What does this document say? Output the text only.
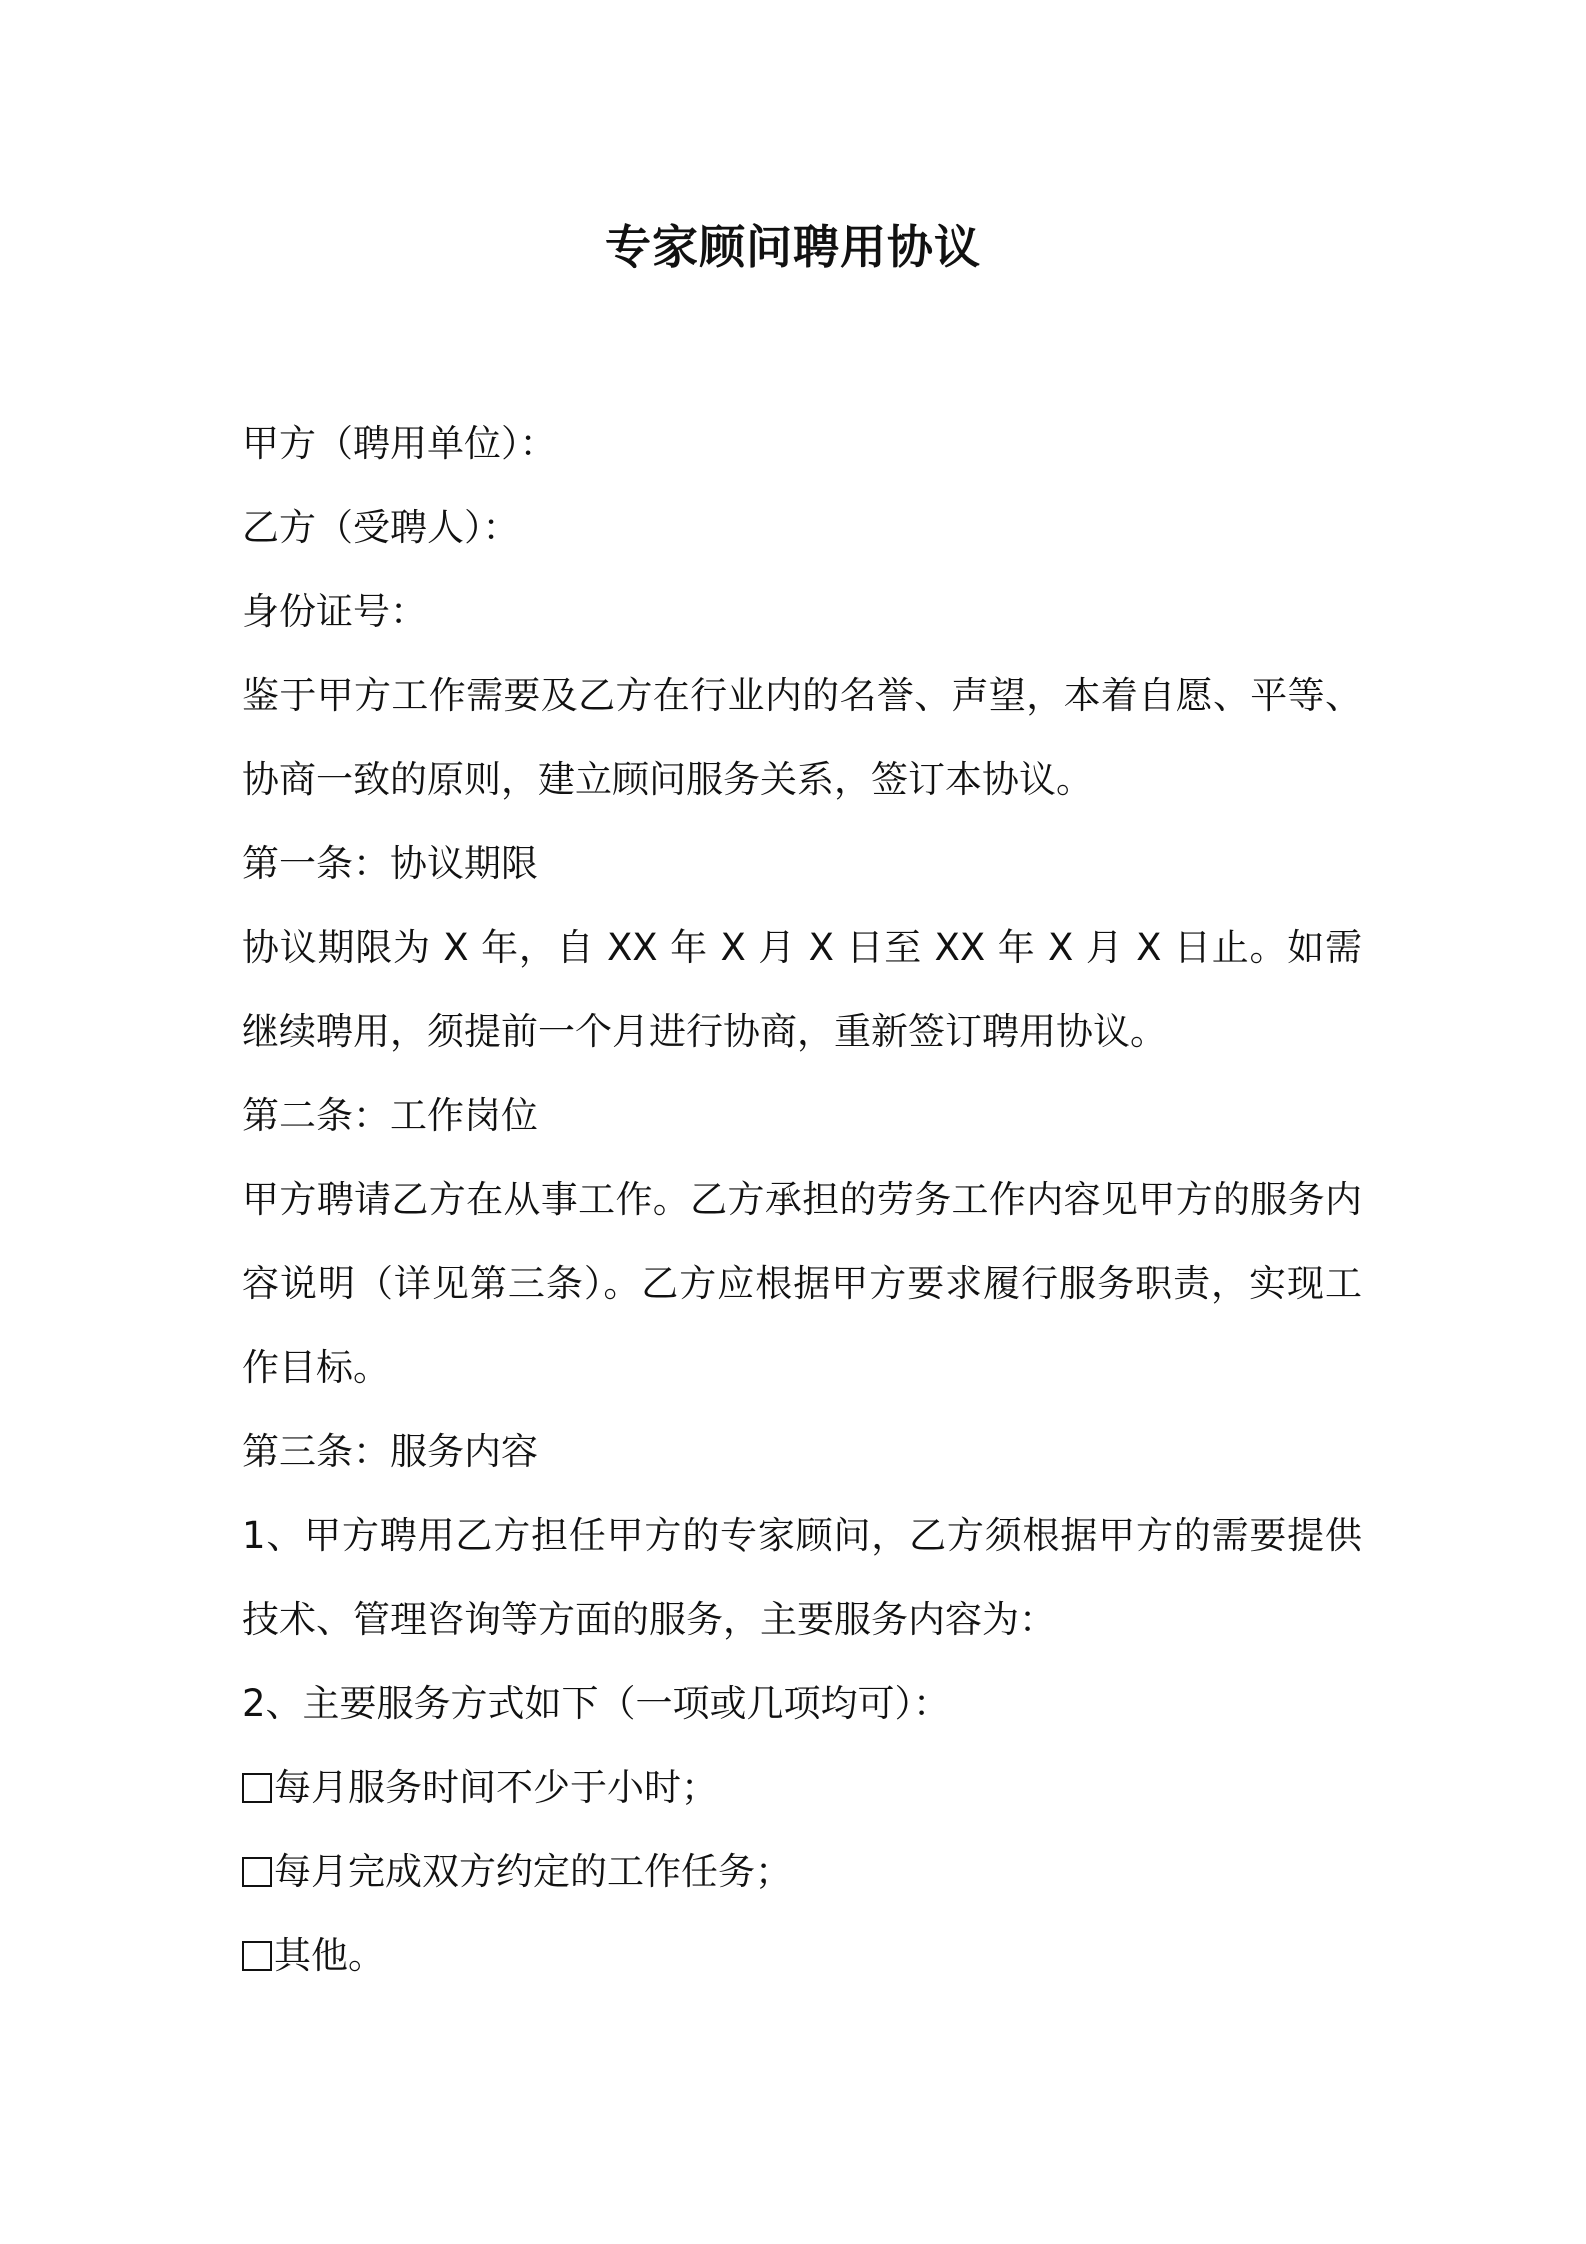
专家顾问聘用协议

甲方（聘用单位）：

乙方（受聘人）：

身份证号：

鉴于甲方工作需要及乙方在行业内的名誉、声望，本着自愿、平等、协商一致的原则，建立顾问服务关系，签订本协议。

第一条：协议期限

协议期限为 X 年，自 XX 年 X 月 X 日至 XX 年 X 月 X 日止。如需继续聘用，须提前一个月进行协商，重新签订聘用协议。

第二条：工作岗位

甲方聘请乙方在从事工作。乙方承担的劳务工作内容见甲方的服务内容说明（详见第三条）。乙方应根据甲方要求履行服务职责，实现工作目标。

第三条：服务内容

1、甲方聘用乙方担任甲方的专家顾问，乙方须根据甲方的需要提供技术、管理咨询等方面的服务，主要服务内容为：

2、主要服务方式如下（一项或几项均可）：

每月服务时间不少于小时；

每月完成双方约定的工作任务；

其他。
